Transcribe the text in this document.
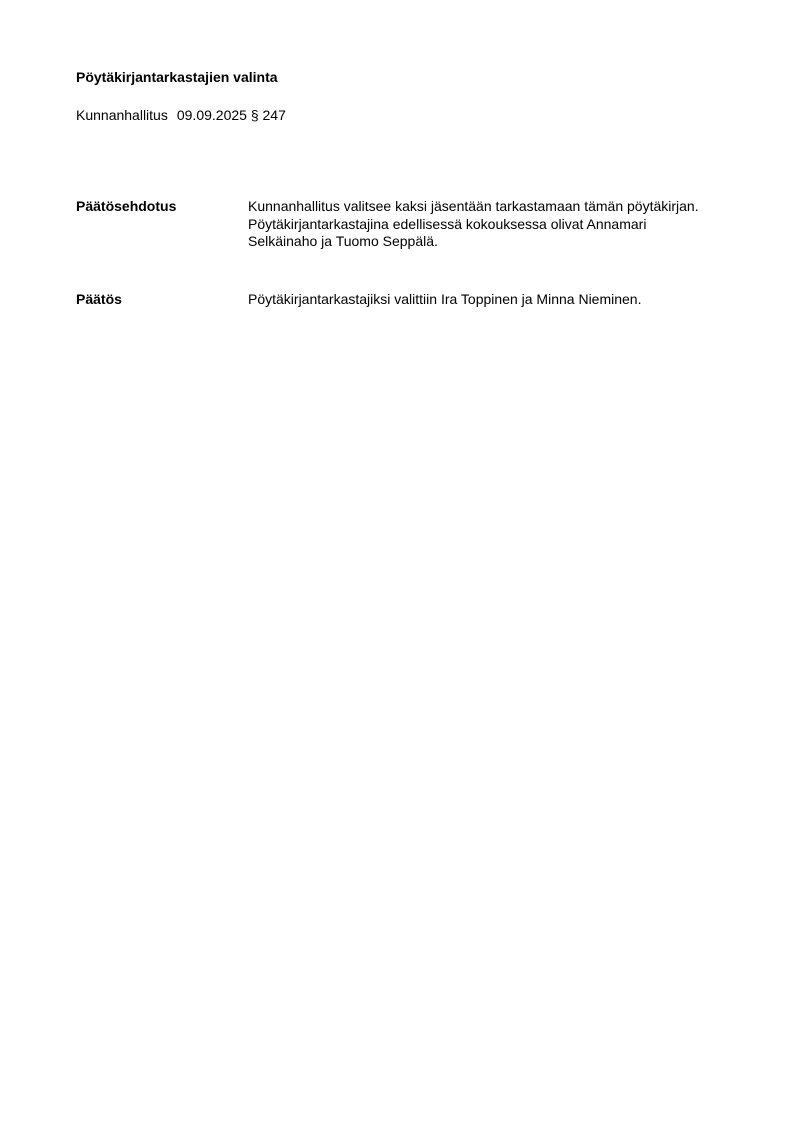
Pöytäkirjantarkastajien valinta
Kunnanhallitus 09.09.2025 § 247
Päätösehdotus	Kunnanhallitus valitsee kaksi jäsentään tarkastamaan tämän pöytäkirjan.

Pöytäkirjantarkastajina edellisessä kokouksessa olivat Annamari Selkäinaho ja Tuomo Seppälä.

Päätös	Pöytäkirjantarkastajiksi valittiin Ira Toppinen ja Minna Nieminen.
